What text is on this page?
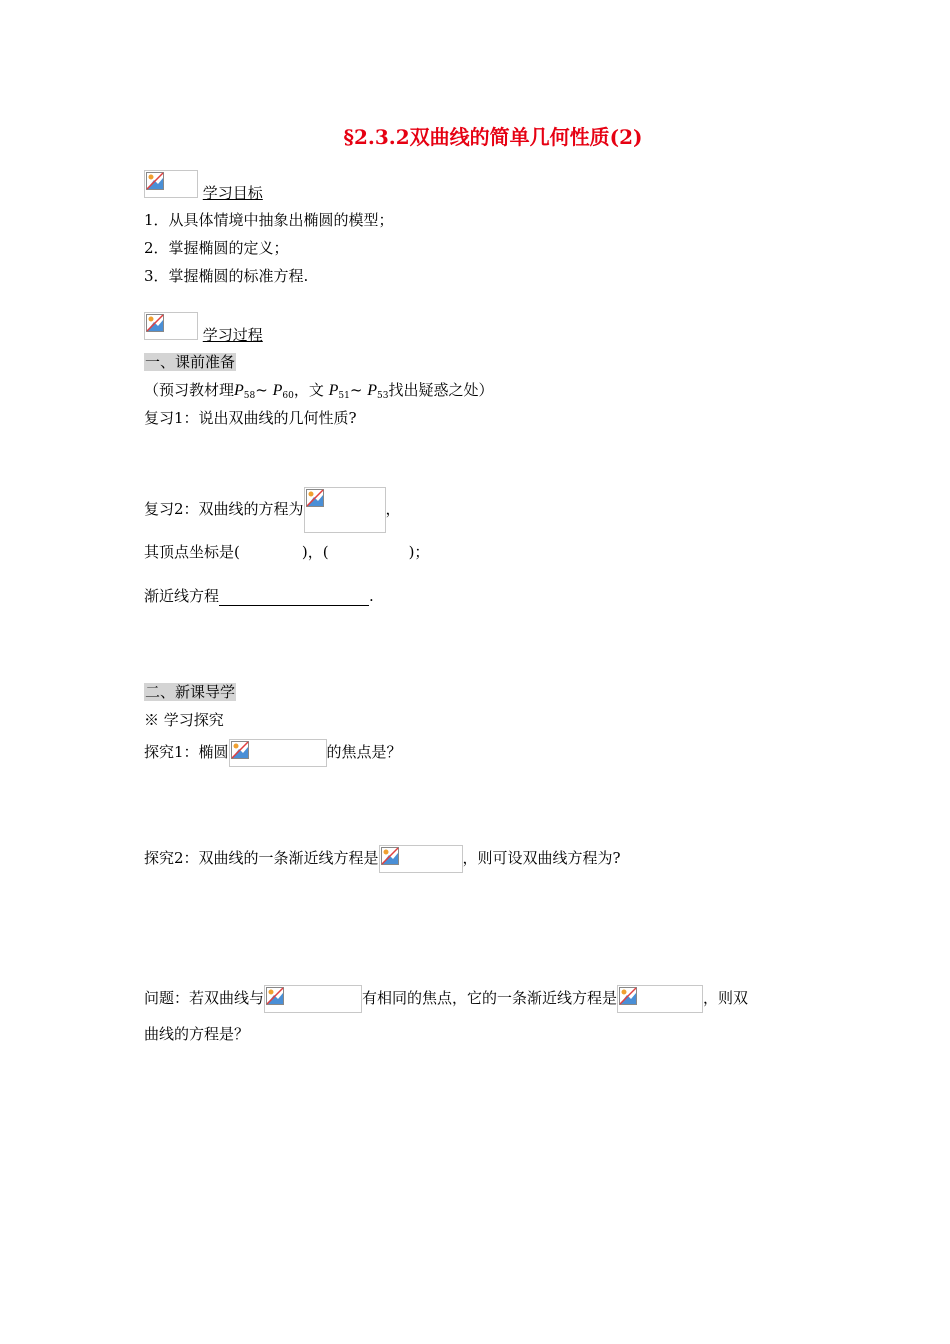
§2.3.2双曲线的简单几何性质(2)
学习目标
1．从具体情境中抽象出椭圆的模型；
2．掌握椭圆的定义；
3．掌握椭圆的标准方程.
学习过程
一、课前准备
（预习教材理$P_{58}\sim$ $P_{60}$，文 $P_{51}\sim$ $P_{53}$找出疑惑之处）
复习1：说出双曲线的几何性质?
复习2：双曲线的方程为	，
其顶点坐标是(	)，(	)；
渐近线方程	.
二、新课导学
※ 学习探究
探究1：椭圆	的焦点是？
探究2：双曲线的一条渐近线方程是	，则可设双曲线方程为?
问题：若双曲线与	有相同的焦点，它的一条渐近线方程是	，则双
曲线的方程是？
